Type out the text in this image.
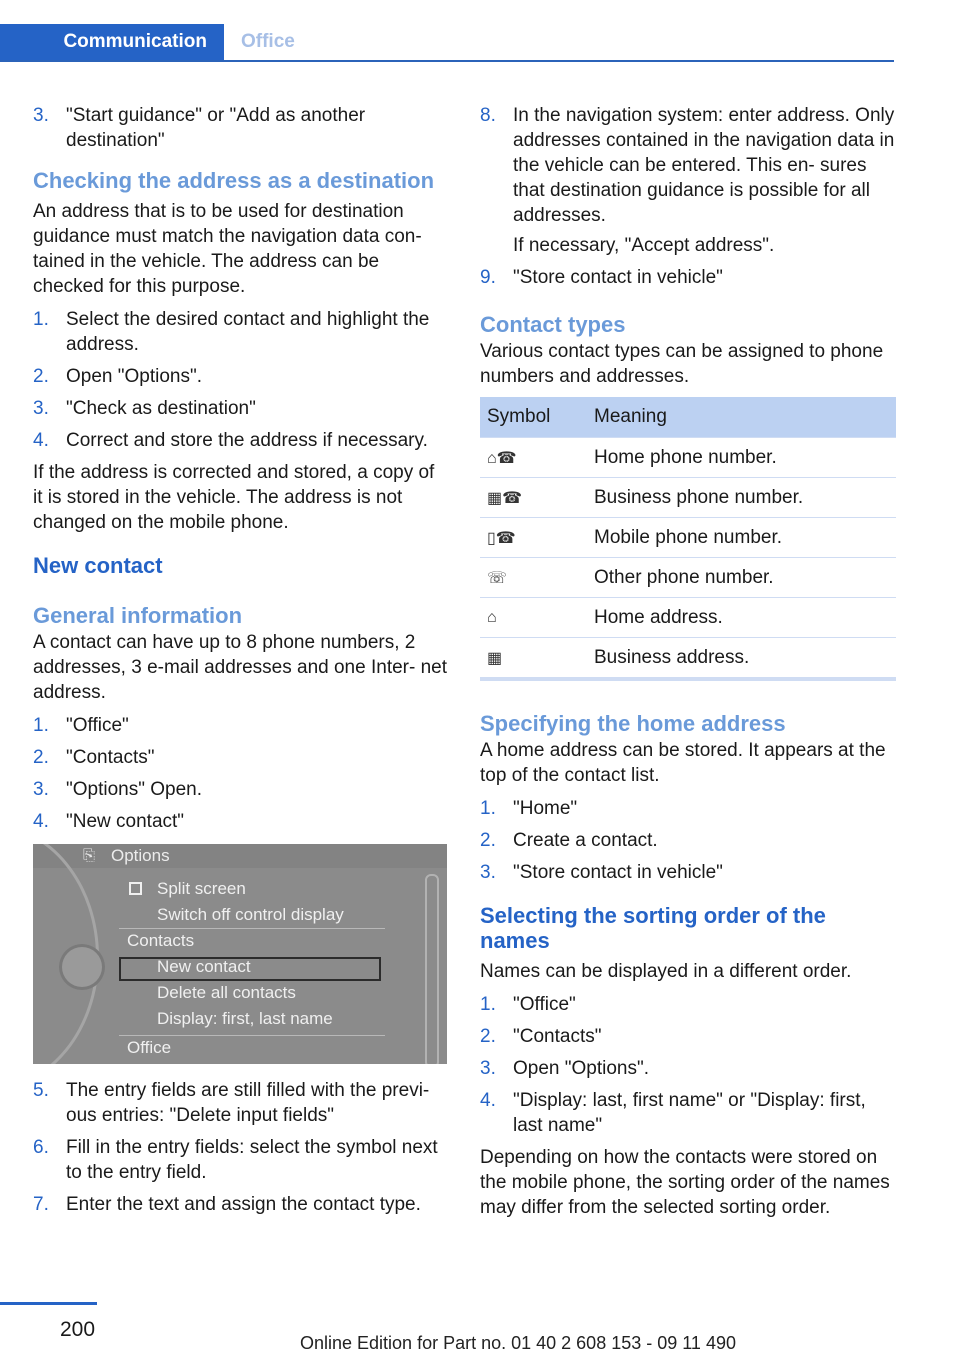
Communication	Office
3. "Start guidance" or "Add as another destination"
Checking the address as a destination

An address that is to be used for destination guidance must match the navigation data con‐ tained in the vehicle. The address can be checked for this purpose.

1. Select the desired contact and highlight the address.
2. Open "Options".
3. "Check as destination"
4. Correct and store the address if necessary.

If the address is corrected and stored, a copy of it is stored in the vehicle. The address is not changed on the mobile phone.

New contact
General information

A contact can have up to 8 phone numbers, 2 addresses, 3 e-mail addresses and one Inter‐ net address.

1. "Office"
2. "Contacts"
3. "Options" Open.
4. "New contact"
⎘ Options
Split screen
Switch off control display
Contacts
New contact
Delete all contacts
Display: first, last name
Office
5. The entry fields are still filled with the previ‐ ous entries: "Delete input fields"
6. Fill in the entry fields: select the symbol next to the entry field.
7. Enter the text and assign the contact type.
8. In the navigation system: enter address. Only addresses contained in the navigation data in the vehicle can be entered. This en‐ sures that destination guidance is possible for all addresses.
If necessary, "Accept address".
9. "Store contact in vehicle"
Contact types

Various contact types can be assigned to phone numbers and addresses.

Symbol	Meaning
⌂☎	Home phone number.
▦☎	Business phone number.
▯☎	Mobile phone number.
☏	Other phone number.
⌂	Home address.
▦	Business address.
Specifying the home address

A home address can be stored. It appears at the top of the contact list.

1. "Home"
2. Create a contact.
3. "Store contact in vehicle"
Selecting the sorting order of the names

Names can be displayed in a different order.

1. "Office"
2. "Contacts"
3. Open "Options".
4. "Display: last, first name" or "Display: first, last name"

Depending on how the contacts were stored on the mobile phone, the sorting order of the names may differ from the selected sorting order.

200
Online Edition for Part no. 01 40 2 608 153 - 09 11 490
